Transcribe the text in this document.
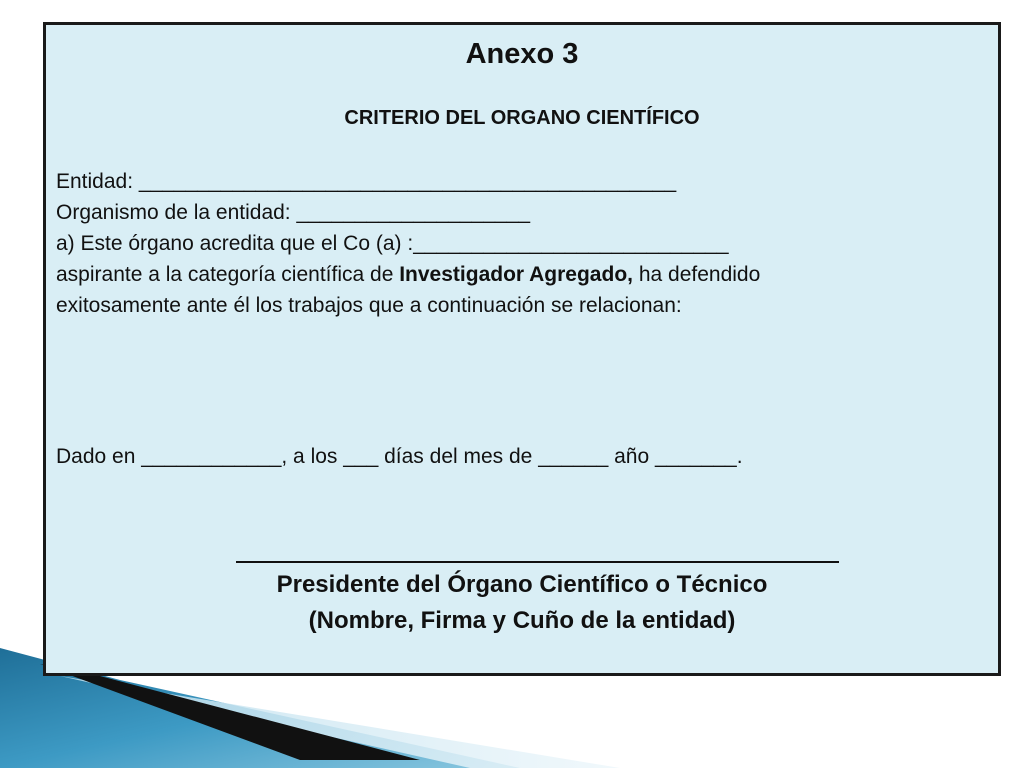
Anexo 3
CRITERIO DEL ORGANO CIENTÍFICO
Entidad: ______________________________________________
Organismo de la entidad: ____________________
a) Este órgano acredita que el Co (a) :___________________________
aspirante a la categoría científica de Investigador Agregado, ha defendido
exitosamente ante él los trabajos que a continuación se relacionan:
Dado en ____________, a los ___ días del mes de ______ año _______.
Presidente del Órgano Científico o Técnico
(Nombre, Firma y Cuño de la entidad)
